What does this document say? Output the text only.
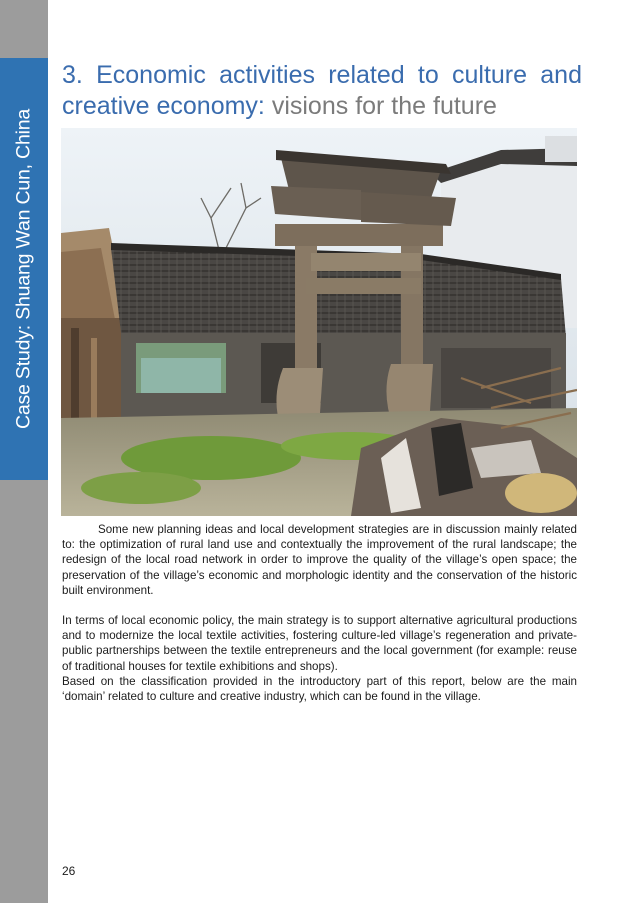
Case Study: Shuang Wan Cun, China
3. Economic activities related to culture and creative economy: visions for the future

Some new planning ideas and local development strategies are in discussion mainly related to: the optimization of rural land use and contextually the improvement of the rural landscape; the redesign of the local road network in order to improve the quality of the village’s open space; the preservation of the village’s economic and morphologic identity and the conservation of the historic built environment.

In terms of local economic policy, the main strategy is to support alternative agricultural productions and to modernize the local textile activities, fostering culture-led village’s regeneration and private-public partnerships between the textile entrepreneurs and the local government (for example: reuse of traditional houses for textile exhibitions and shops).

Based on the classification provided in the introductory part of this report, below are the main ‘domain’ related to culture and creative industry, which can be found in the village.

26
